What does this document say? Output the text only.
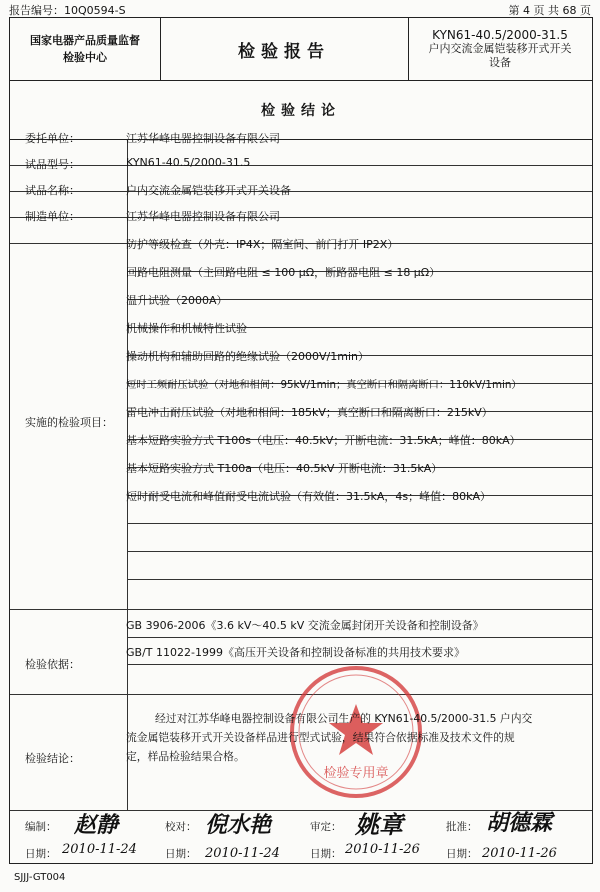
报告编号：10Q0594-S	第 4 页 共 68 页
国家电器产品质量监督
检验中心	检验报告
KYN61-40.5/2000-31.5
户内交流金属铠装移开式开关
设备
检验结论
委托单位：	江苏华峰电器控制设备有限公司
试品型号：	KYN61-40.5/2000-31.5
试品名称：	户内交流金属铠装移开式开关设备
制造单位：	江苏华峰电器控制设备有限公司
实施的检验项目：
防护等级检查（外壳：IP4X；隔室间、前门打开 IP2X）
回路电阻测量（主回路电阻 ≤ 100 μΩ，断路器电阻 ≤ 18 μΩ）
温升试验（2000A）
机械操作和机械特性试验
操动机构和辅助回路的绝缘试验（2000V/1min）
短时工频耐压试验（对地和相间：95kV/1min；真空断口和隔离断口：110kV/1min）
雷电冲击耐压试验（对地和相间：185kV；真空断口和隔离断口：215kV）
基本短路实验方式 T100s（电压：40.5kV；开断电流：31.5kA；峰值：80kA）
基本短路实验方式 T100a（电压：40.5kV 开断电流：31.5kA）
短时耐受电流和峰值耐受电流试验（有效值：31.5kA，4s；峰值：80kA）
检验依据：
GB 3906-2006《3.6 kV～40.5 kV 交流金属封闭开关设备和控制设备》
GB/T 11022-1999《高压开关设备和控制设备标准的共用技术要求》
检验专用章
检验结论：
经过对江苏华峰电器控制设备有限公司生产的 KYN61-40.5/2000-31.5 户内交
流金属铠装移开式开关设备样品进行型式试验，结果符合依据标准及技术文件的规
定，样品检验结果合格。
编制： 赵静	校对： 倪水艳	审定： 姚章	批准： 胡德霖
日期： 2010-11-24	日期： 2010-11-24	日期： 2010-11-26 日期： 2010-11-26
SJJJ-GT004
